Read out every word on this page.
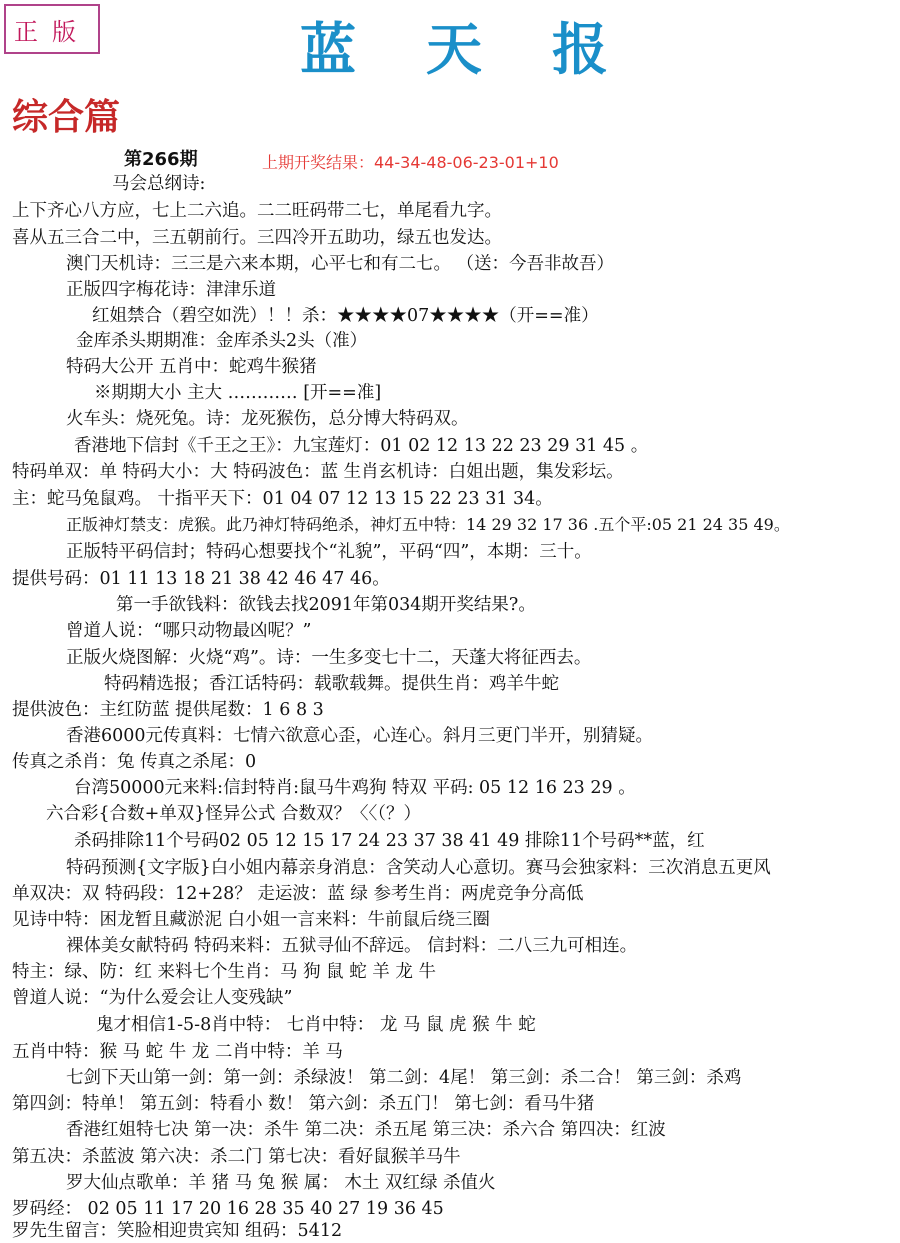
正版	蓝天报
综合篇
第266期	上期开奖结果：44-34-48-06-23-01+10
马会总纲诗:
上下齐心八方应，七上二六追。二二旺码带二七，单尾看九字。
喜从五三合二中，三五朝前行。三四冷开五助功，绿五也发达。
澳门天机诗：三三是六来本期，心平七和有二七。 （送：今吾非故吾）
正版四字梅花诗：津津乐道
红姐禁合（碧空如洗）！！杀：★★★★07★★★★（开==准）
金库杀头期期准：金库杀头2头（准）
特码大公开 五肖中：蛇鸡牛猴猪
※期期大小 主大 ………… [开==准]
火车头：烧死兔。诗：龙死猴伤，总分博大特码双。
香港地下信封《千王之王》：九宝莲灯：01 02 12 13 22 23 29 31 45 。
特码单双：单 特码大小：大 特码波色：蓝 生肖玄机诗：白姐出题，集发彩坛。
主：蛇马兔鼠鸡。 十指平天下：01 04 07 12 13 15 22 23 31 34。
正版神灯禁支：虎猴。此乃神灯特码绝杀，神灯五中特：14 29 32 17 36 .五个平:05 21 24 35 49。
正版特平码信封；特码心想要找个“礼貌”，平码“四”，本期：三十。
提供号码：01 11 13 18 21 38 42 46 47 46。
第一手欲钱料：欲钱去找2091年第034期开奖结果?。
曾道人说：“哪只动物最凶呢？”
正版火烧图解：火烧“鸡”。诗：一生多变七十二，天蓬大将征西去。
特码精选报；香江话特码：载歌载舞。提供生肖：鸡羊牛蛇
提供波色：主红防蓝 提供尾数：1 6 8 3
香港6000元传真料：七情六欲意心歪，心连心。斜月三更门半开，别猜疑。
传真之杀肖：兔 传真之杀尾：0
台湾50000元来料:信封特肖:鼠马牛鸡狗 特双 平码: 05 12 16 23 29 。
六合彩{合数+单双}怪异公式 合数双？〈〈（？）
杀码排除11个号码02 05 12 15 17 24 23 37 38 41 49 排除11个号码**蓝，红
特码预测{文字版}白小姐内幕亲身消息：含笑动人心意切。赛马会独家料：三次消息五更风
单双决：双 特码段：12+28？ 走运波：蓝 绿 参考生肖：两虎竞争分高低
见诗中特：困龙暂且藏淤泥 白小姐一言来料：牛前鼠后绕三圈
裸体美女献特码 特码来料：五狱寻仙不辞远。 信封料：二八三九可相连。
特主：绿、防：红 来料七个生肖：马 狗 鼠 蛇 羊 龙 牛
曾道人说：“为什么爱会让人变残缺”
鬼才相信1-5-8肖中特： 七肖中特： 龙 马 鼠 虎 猴 牛 蛇
五肖中特：猴 马 蛇 牛 龙 二肖中特：羊 马
七剑下天山第一剑：第一剑：杀绿波！ 第二剑：4尾！ 第三剑：杀二合！ 第三剑：杀鸡
第四剑：特单！ 第五剑：特看小 数！ 第六剑：杀五门！ 第七剑：看马牛猪
香港红姐特七决 第一决：杀牛 第二决：杀五尾 第三决：杀六合 第四决：红波
第五决：杀蓝波 第六决：杀二门 第七决：看好鼠猴羊马牛
罗大仙点歌单：羊 猪 马 兔 猴 属： 木土 双红绿 杀值火
罗码经： 02 05 11 17 20 16 28 35 40 27 19 36 45
罗先生留言：笑脸相迎贵宾知 组码：5412
